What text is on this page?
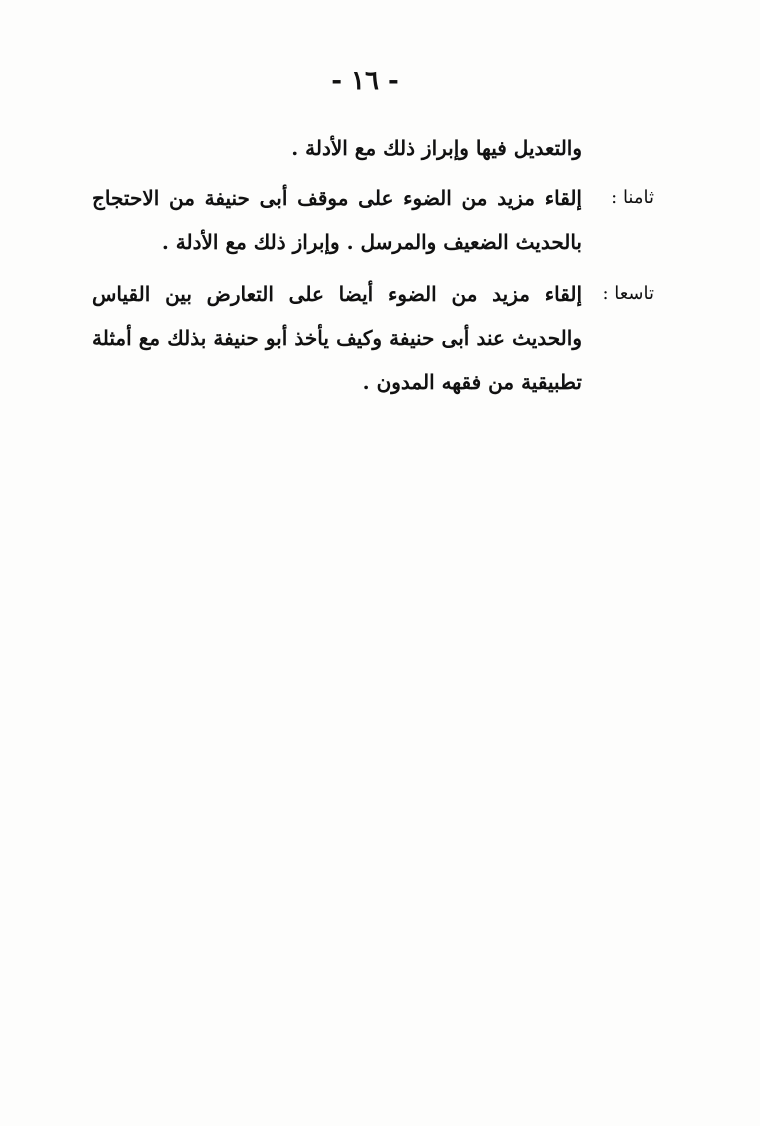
- ١٦ -

والتعديل فيها وإبراز ذلك مع الأدلة .

ثامنا :
إلقاء مزيد من الضوء على موقف أبى حنيفة من الاحتجاج بالحديث الضعيف والمرسل . وإبراز ذلك مع الأدلة .
تاسعا :
إلقاء مزيد من الضوء أيضا على التعارض بين القياس والحديث عند أبى حنيفة وكيف يأخذ أبو حنيفة بذلك مع أمثلة تطبيقية من فقهه المدون .
